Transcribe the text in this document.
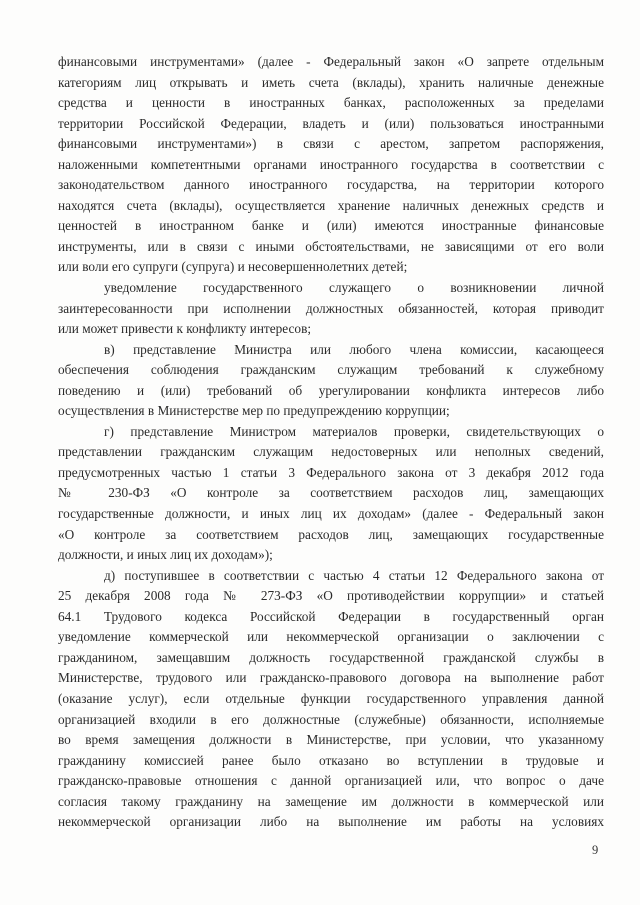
финансовыми инструментами» (далее - Федеральный закон «О запрете отдельным
категориям лиц открывать и иметь счета (вклады), хранить наличные денежные
средства и ценности в иностранных банках, расположенных за пределами
территории Российской Федерации, владеть и (или) пользоваться иностранными
финансовыми инструментами») в связи с арестом, запретом распоряжения,
наложенными компетентными органами иностранного государства в соответствии с
законодательством данного иностранного государства, на территории которого
находятся счета (вклады), осуществляется хранение наличных денежных средств и
ценностей в иностранном банке и (или) имеются иностранные финансовые
инструменты, или в связи с иными обстоятельствами, не зависящими от его воли
или воли его супруги (супруга) и несовершеннолетних детей;
уведомление государственного служащего о возникновении личной
заинтересованности при исполнении должностных обязанностей, которая приводит
или может привести к конфликту интересов;
в) представление Министра или любого члена комиссии, касающееся
обеспечения соблюдения гражданским служащим требований к служебному
поведению и (или) требований об урегулировании конфликта интересов либо
осуществления в Министерстве мер по предупреждению коррупции;
г) представление Министром материалов проверки, свидетельствующих о
представлении гражданским служащим недостоверных или неполных сведений,
предусмотренных частью 1 статьи 3 Федерального закона от 3 декабря 2012 года
№ 230-ФЗ «О контроле за соответствием расходов лиц, замещающих
государственные должности, и иных лиц их доходам» (далее - Федеральный закон
«О контроле за соответствием расходов лиц, замещающих государственные
должности, и иных лиц их доходам»);
д) поступившее в соответствии с частью 4 статьи 12 Федерального закона от
25 декабря 2008 года № 273-ФЗ «О противодействии коррупции» и статьей
64.1 Трудового кодекса Российской Федерации в государственный орган
уведомление коммерческой или некоммерческой организации о заключении с
гражданином, замещавшим должность государственной гражданской службы в
Министерстве, трудового или гражданско-правового договора на выполнение работ
(оказание услуг), если отдельные функции государственного управления данной
организацией входили в его должностные (служебные) обязанности, исполняемые
во время замещения должности в Министерстве, при условии, что указанному
гражданину комиссией ранее было отказано во вступлении в трудовые и
гражданско-правовые отношения с данной организацией или, что вопрос о даче
согласия такому гражданину на замещение им должности в коммерческой или
некоммерческой организации либо на выполнение им работы на условиях
9
